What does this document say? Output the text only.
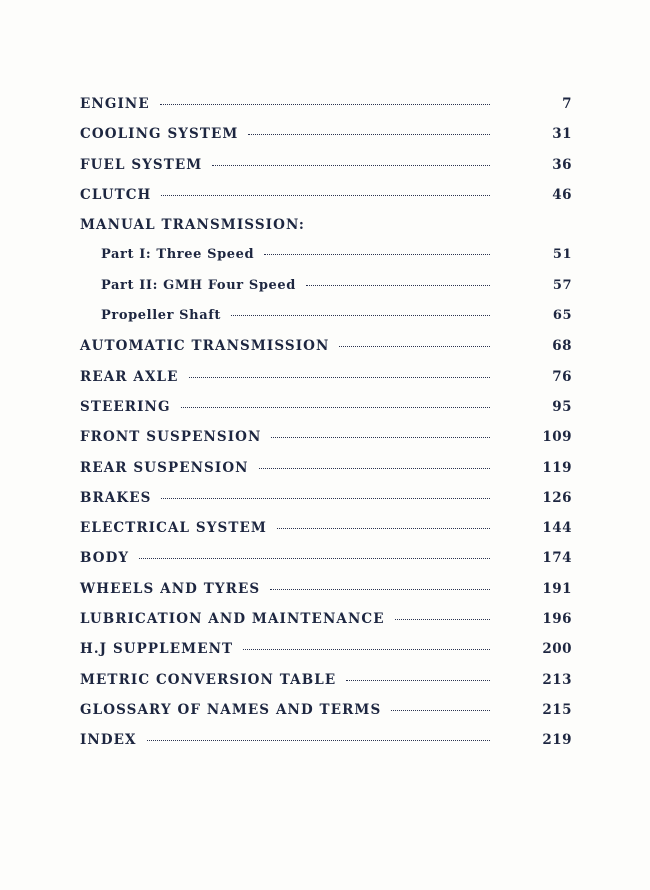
ENGINE	7
COOLING SYSTEM	31
FUEL SYSTEM	36
CLUTCH	46
MANUAL TRANSMISSION:
Part I: Three Speed	51
Part II: GMH Four Speed	57
Propeller Shaft	65
AUTOMATIC TRANSMISSION	68
REAR AXLE	76
STEERING	95
FRONT SUSPENSION	109
REAR SUSPENSION	119
BRAKES	126
ELECTRICAL SYSTEM	144
BODY	174
WHEELS AND TYRES	191
LUBRICATION AND MAINTENANCE	196
H.J SUPPLEMENT	200
METRIC CONVERSION TABLE	213
GLOSSARY OF NAMES AND TERMS	215
INDEX	219
